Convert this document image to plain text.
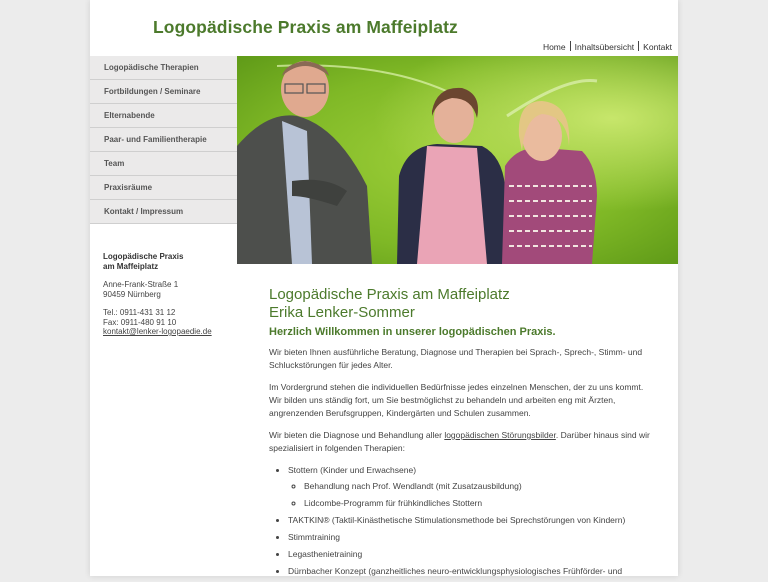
Logopädische Praxis am Maffeiplatz
Home Inhaltsübersicht Kontakt
Logopädische Therapien
Fortbildungen / Seminare
Elternabende
Paar- und Familientherapie
Team
Praxisräume
Kontakt / Impressum

Logopädische Praxis
am Maffeiplatz

Anne-Frank-Straße 1
90459 Nürnberg

Tel.: 0911-431 31 12
Fax: 0911-480 91 10
kontakt@lenker-logopaedie.de

Logopädische Praxis am Maffeiplatz
Erika Lenker-Sommer
Herzlich Willkommen in unserer logopädischen Praxis.

Wir bieten Ihnen ausführliche Beratung, Diagnose und Therapien bei Sprach-, Sprech-, Stimm- und Schluckstörungen für jedes Alter.

Im Vordergrund stehen die individuellen Bedürfnisse jedes einzelnen Menschen, der zu uns kommt. Wir bilden uns ständig fort, um Sie bestmöglichst zu behandeln und arbeiten eng mit Ärzten, angrenzenden Berufsgruppen, Kindergärten und Schulen zusammen.

Wir bieten die Diagnose und Behandlung aller logopädischen Störungsbilder. Darüber hinaus sind wir spezialisiert in folgenden Therapien:

• Stottern (Kinder und Erwachsene)
◦ Behandlung nach Prof. Wendlandt (mit Zusatzausbildung)
◦ Lidcombe-Programm für frühkindliches Stottern
• TAKTKIN® (Taktil-Kinästhetische Stimulationsmethode bei Sprechstörungen von Kindern)
• Stimmtraining
• Legasthenietraining
• Dürnbacher Konzept (ganzheitliches neuro-entwicklungsphysiologisches Frühförder- und
